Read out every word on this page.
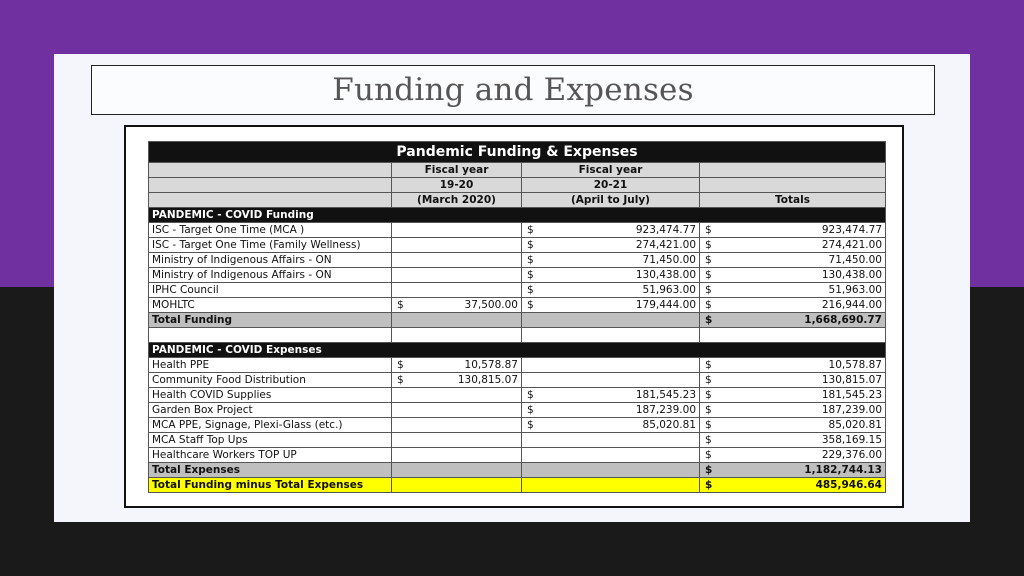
Funding and Expenses
Pandemic Funding & Expenses			
	Fiscal year	Fiscal year	
	19-20	20-21	
	(March 2020)	(April to July)	Totals
PANDEMIC - COVID Funding			
ISC - Target One Time (MCA )		$ 923,474.77	$ 923,474.77

ISC - Target One Time (Family Wellness)		$ 274,421.00	$ 274,421.00

Ministry of Indigenous Affairs - ON		$ 71,450.00	$ 71,450.00

Ministry of Indigenous Affairs - ON		$ 130,438.00	$ 130,438.00

IPHC Council		$ 51,963.00	$ 51,963.00

MOHLTC	$ 37,500.00	$ 179,444.00	$ 216,944.00

Total Funding			$ 1,668,690.77

PANDEMIC - COVID Expenses			
Health PPE	$ 10,578.87		$ 10,578.87

Community Food Distribution	$ 130,815.07		$ 130,815.07

Health COVID Supplies		$ 181,545.23	$ 181,545.23

Garden Box Project		$ 187,239.00	$ 187,239.00

MCA PPE, Signage, Plexi-Glass (etc.)		$ 85,020.81	$ 85,020.81

MCA Staff Top Ups			$ 358,169.15

Healthcare Workers TOP UP			$ 229,376.00

Total Expenses			$ 1,182,744.13

Total Funding minus Total Expenses			$ 485,946.64
